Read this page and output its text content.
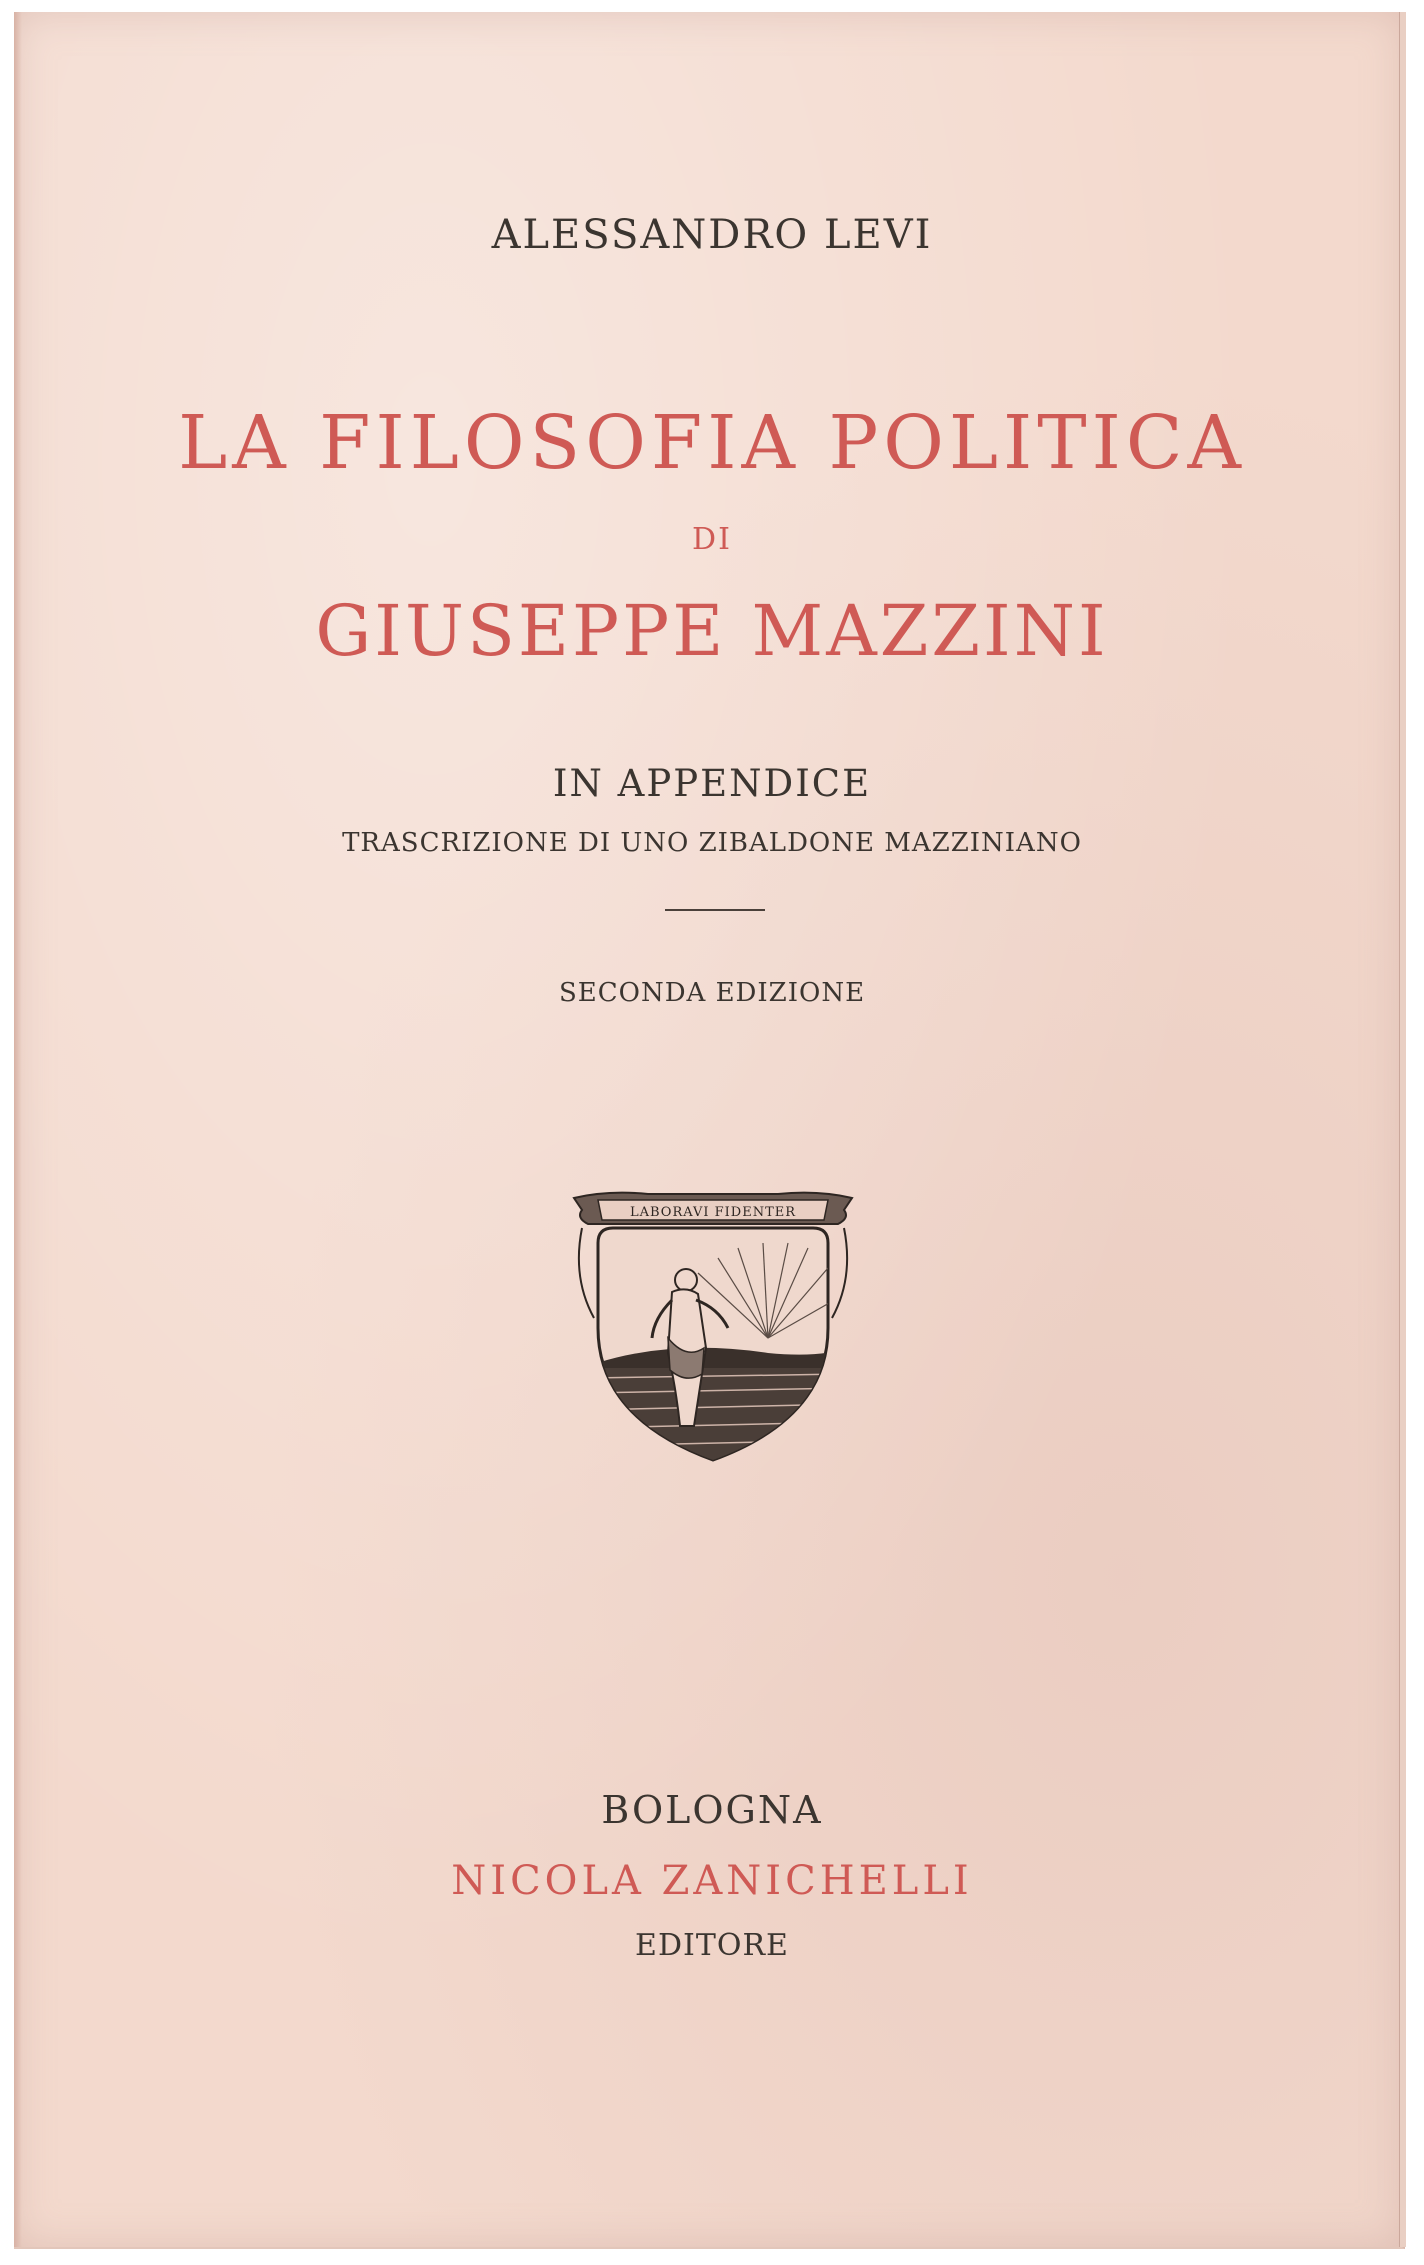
ALESSANDRO LEVI
LA FILOSOFIA POLITICA
DI
GIUSEPPE MAZZINI
IN APPENDICE
TRASCRIZIONE DI UNO ZIBALDONE MAZZINIANO
SECONDA EDIZIONE
LABORAVI FIDENTER
BOLOGNA
NICOLA ZANICHELLI
EDITORE
